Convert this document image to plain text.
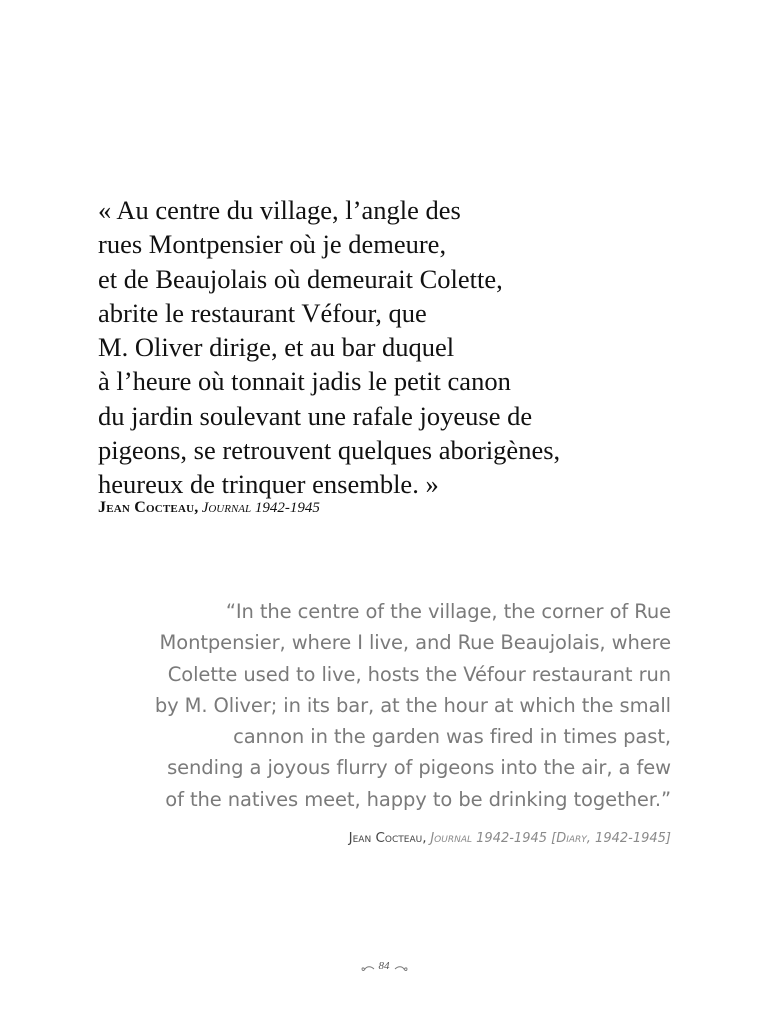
« Au centre du village, l’angle des
rues Montpensier où je demeure,
et de Beaujolais où demeurait Colette,
abrite le restaurant Véfour, que
M. Oliver dirige, et au bar duquel
à l’heure où tonnait jadis le petit canon
du jardin soulevant une rafale joyeuse de
pigeons, se retrouvent quelques aborigènes,
heureux de trinquer ensemble. »
Jean Cocteau, Journal 1942-1945
“In the centre of the village, the corner of Rue
Montpensier, where I live, and Rue Beaujolais, where
Colette used to live, hosts the Véfour restaurant run
by M. Oliver; in its bar, at the hour at which the small
cannon in the garden was fired in times past,
sending a joyous flurry of pigeons into the air, a few
of the natives meet, happy to be drinking together.”
Jean Cocteau, Journal 1942-1945 [Diary, 1942-1945]
84
